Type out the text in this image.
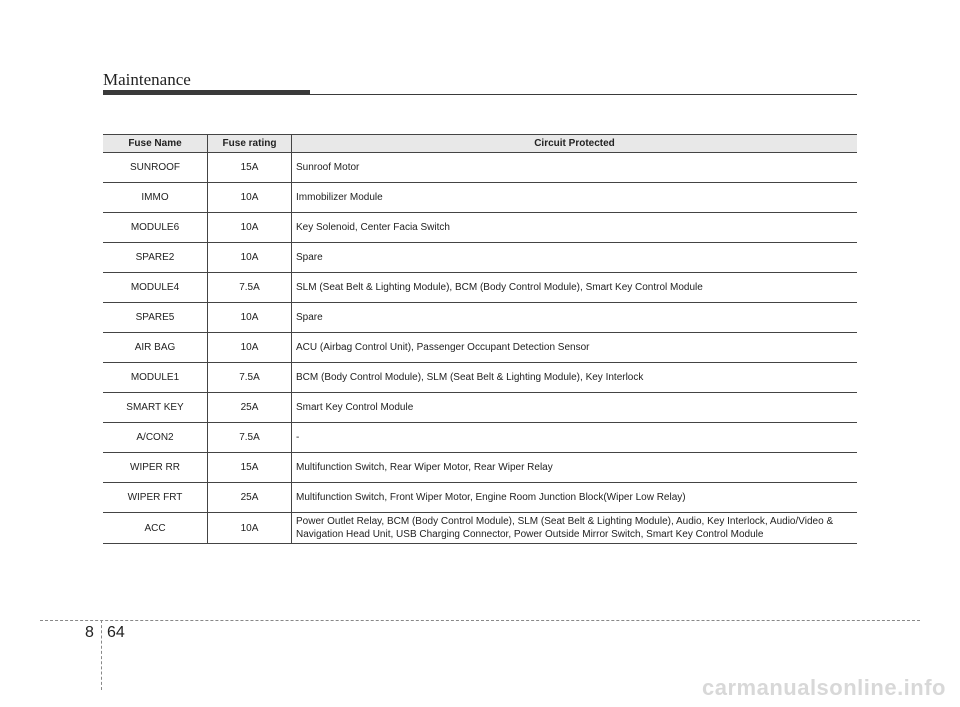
Maintenance
Fuse Name	Fuse rating	Circuit Protected
SUNROOF	15A	Sunroof Motor
IMMO	10A	Immobilizer Module
MODULE6	10A	Key Solenoid, Center Facia Switch
SPARE2	10A	Spare
MODULE4	7.5A	SLM (Seat Belt & Lighting Module), BCM (Body Control Module), Smart Key Control Module
SPARE5	10A	Spare
AIR BAG	10A	ACU (Airbag Control Unit), Passenger Occupant Detection Sensor
MODULE1	7.5A	BCM (Body Control Module), SLM (Seat Belt & Lighting Module), Key Interlock
SMART KEY	25A	Smart Key Control Module
A/CON2	7.5A	-
WIPER RR	15A	Multifunction Switch, Rear Wiper Motor, Rear Wiper Relay
WIPER FRT	25A	Multifunction Switch, Front Wiper Motor, Engine Room Junction Block(Wiper Low Relay)
ACC	10A	Power Outlet Relay, BCM (Body Control Module), SLM (Seat Belt & Lighting Module), Audio, Key Interlock, Audio/Video & Navigation Head Unit, USB Charging Connector, Power Outside Mirror Switch, Smart Key Control Module
8 64
carmanualsonline.info
